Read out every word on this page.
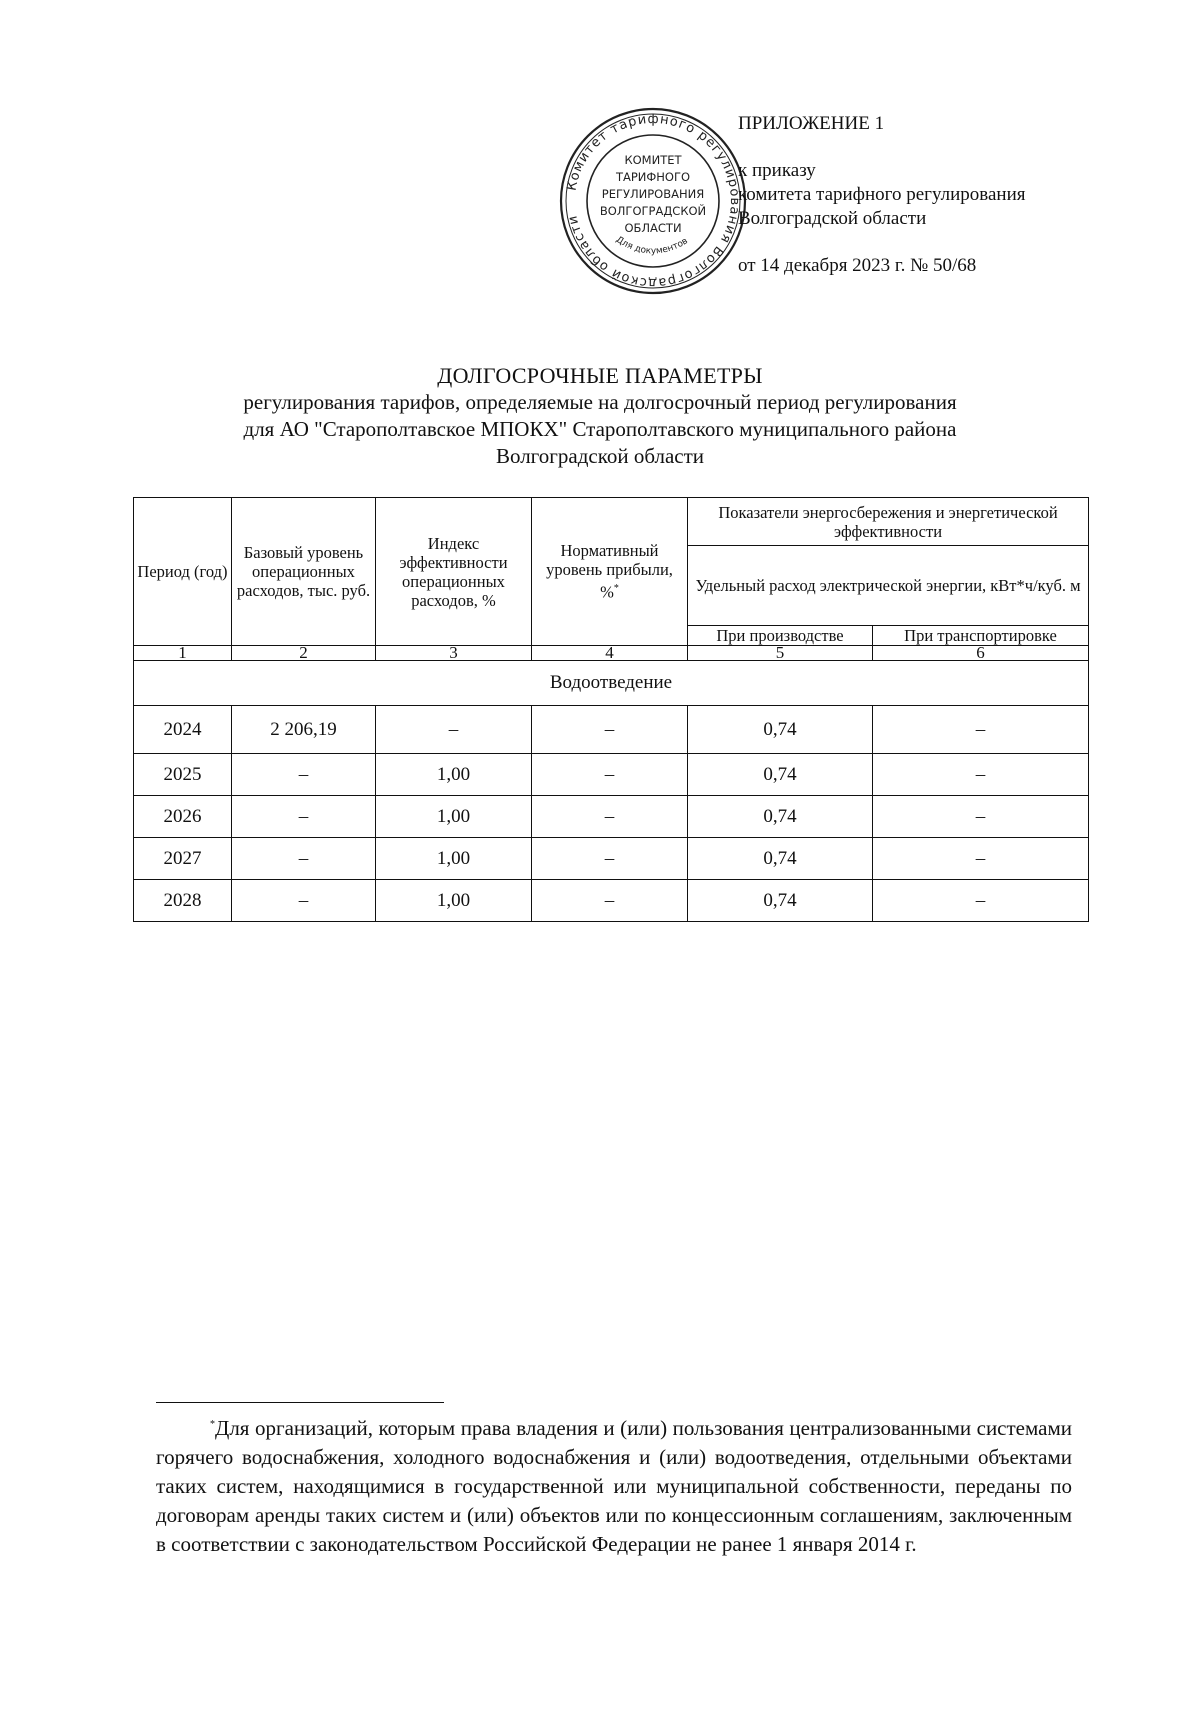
Комитет тарифного регулирования Волгоградской области
КОМИТЕТ
ТАРИФНОГО
РЕГУЛИРОВАНИЯ
ВОЛГОГРАДСКОЙ
ОБЛАСТИ
Для документов
ПРИЛОЖЕНИЕ 1
к приказу
комитета тарифного регулирования
Волгоградской области
от 14 декабря 2023 г. № 50/68
ДОЛГОСРОЧНЫЕ ПАРАМЕТРЫ
регулирования тарифов, определяемые на долгосрочный период регулирования
для АО "Старополтавское МПОКХ" Старополтавского муниципального района
Волгоградской области
Период (год)	Базовый уровень операционных расходов, тыс. руб.	Индекс эффективности операционных расходов, %	Нормативный уровень прибыли, %*	Показатели энергосбережения и энергетической эффективности	
				Удельный расход электрической энергии, кВт*ч/куб. м	
				При производстве	При транспортировке
1	2	3	4	5	6
Водоотведение					
2024	2 206,19	–	–	0,74	–
2025	–	1,00	–	0,74	–
2026	–	1,00	–	0,74	–
2027	–	1,00	–	0,74	–
2028	–	1,00	–	0,74	–
*Для организаций, которым права владения и (или) пользования централизованными системами горячего водоснабжения, холодного водоснабжения и (или) водоотведения, отдельными объектами таких систем, находящимися в государственной или муниципальной собственности, переданы по договорам аренды таких систем и (или) объектов или по концессионным соглашениям, заключенным в соответствии с законодательством Российской Федерации не ранее 1 января 2014 г.
